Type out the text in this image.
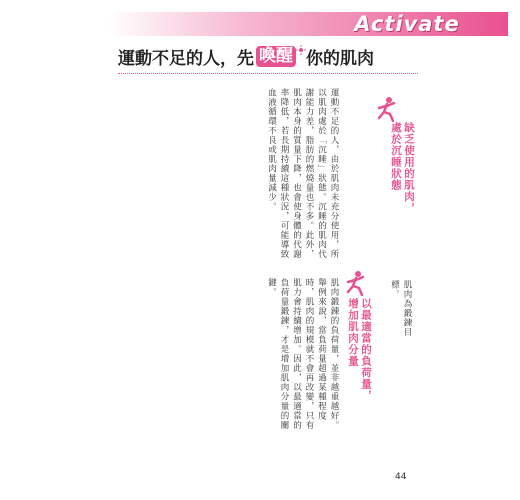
Activate
運動不足的人，先 喚醒 你的肌肉
缺乏使用的肌肉，
處於沉睡狀態
運動不足的人，由於肌肉未充分使用，所以肌肉處於「沉睡」狀態。沉睡的肌肉代謝能力差，脂肪的燃燒量也不多。此外，肌肉本身的質量下降，也會使身體的代謝率降低，若長期持續這種狀況，可能導致血液循環不良或肌肉量減少。
肌肉為鍛鍊目標。
以最適當的負荷量，
增加肌肉分量
肌肉鍛鍊的負荷量，並非越重越好。舉例來說，當負荷量超過某種程度時，肌肉的規模就不會再改變，只有肌力會持續增加。因此，以最適當的負荷量鍛鍊，才是增加肌肉分量的關鍵。
44
